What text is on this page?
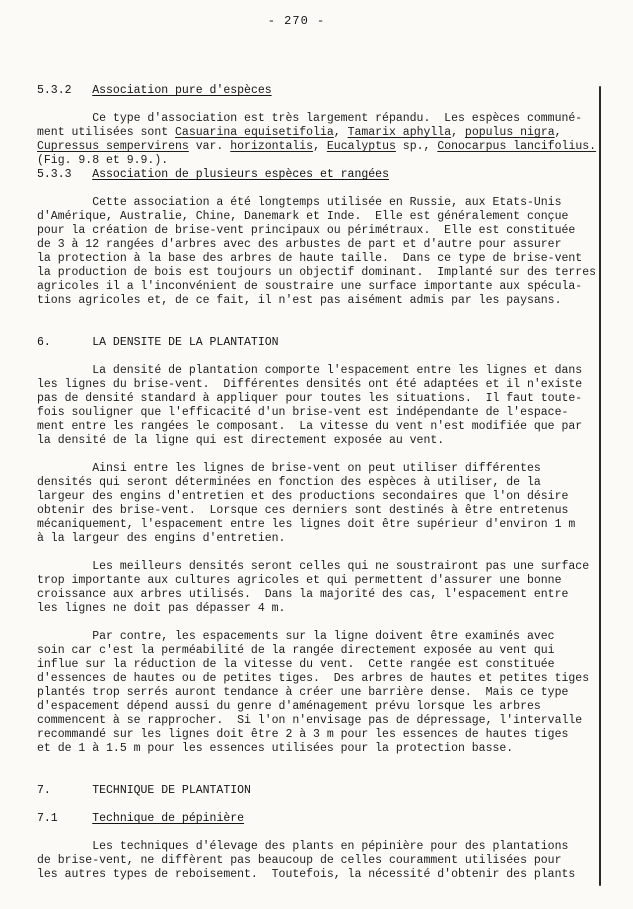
- 270 -
5.3.2   Association pure d'espèces
Ce type d'association est très largement répandu.  Les espèces communé-
ment utilisées sont Casuarina equisetifolia, Tamarix aphylla, populus nigra,
Cupressus sempervirens var. horizontalis, Eucalyptus sp., Conocarpus lancifolius.
(Fig. 9.8 et 9.9.).
5.3.3   Association de plusieurs espèces et rangées
Cette association a été longtemps utilisée en Russie, aux Etats-Unis
d'Amérique, Australie, Chine, Danemark et Inde.  Elle est généralement conçue
pour la création de brise-vent principaux ou périmétraux.  Elle est constituée
de 3 à 12 rangées d'arbres avec des arbustes de part et d'autre pour assurer
la protection à la base des arbres de haute taille.  Dans ce type de brise-vent
la production de bois est toujours un objectif dominant.  Implanté sur des terres
agricoles il a l'inconvénient de soustraire une surface importante aux spécula-
tions agricoles et, de ce fait, il n'est pas aisément admis par les paysans.
6.      LA DENSITE DE LA PLANTATION
La densité de plantation comporte l'espacement entre les lignes et dans
les lignes du brise-vent.  Différentes densités ont été adaptées et il n'existe
pas de densité standard à appliquer pour toutes les situations.  Il faut toute-
fois souligner que l'efficacité d'un brise-vent est indépendante de l'espace-
ment entre les rangées le composant.  La vitesse du vent n'est modifiée que par
la densité de la ligne qui est directement exposée au vent.
Ainsi entre les lignes de brise-vent on peut utiliser différentes
densités qui seront déterminées en fonction des espèces à utiliser, de la
largeur des engins d'entretien et des productions secondaires que l'on désire
obtenir des brise-vent.  Lorsque ces derniers sont destinés à être entretenus
mécaniquement, l'espacement entre les lignes doit être supérieur d'environ 1 m
à la largeur des engins d'entretien.
Les meilleurs densités seront celles qui ne soustrairont pas une surface
trop importante aux cultures agricoles et qui permettent d'assurer une bonne
croissance aux arbres utilisés.  Dans la majorité des cas, l'espacement entre
les lignes ne doit pas dépasser 4 m.
Par contre, les espacements sur la ligne doivent être examinés avec
soin car c'est la perméabilité de la rangée directement exposée au vent qui
influe sur la réduction de la vitesse du vent.  Cette rangée est constituée
d'essences de hautes ou de petites tiges.  Des arbres de hautes et petites tiges
plantés trop serrés auront tendance à créer une barrière dense.  Mais ce type
d'espacement dépend aussi du genre d'aménagement prévu lorsque les arbres
commencent à se rapprocher.  Si l'on n'envisage pas de dépressage, l'intervalle
recommandé sur les lignes doit être 2 à 3 m pour les essences de hautes tiges
et de 1 à 1.5 m pour les essences utilisées pour la protection basse.
7.      TECHNIQUE DE PLANTATION
7.1     Technique de pépinière
Les techniques d'élevage des plants en pépinière pour des plantations
de brise-vent, ne diffèrent pas beaucoup de celles couramment utilisées pour
les autres types de reboisement.  Toutefois, la nécessité d'obtenir des plants
